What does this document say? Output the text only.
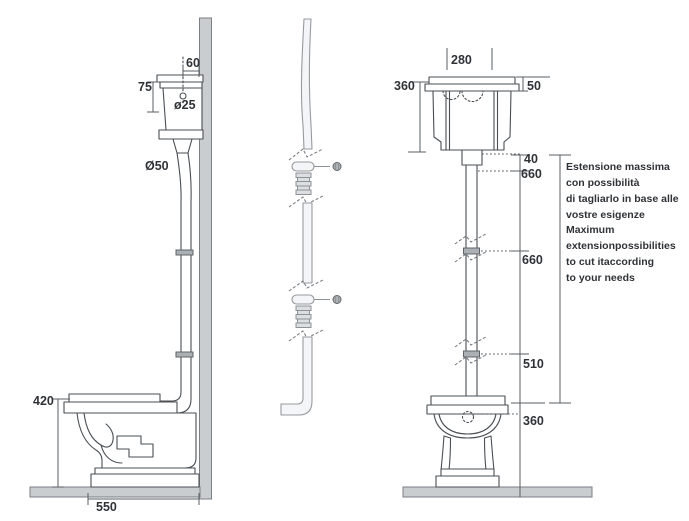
60
75
ø25
Ø50
420
550
280
360	50
40
660
660
510
360
Estensione massima
con possibilità
di tagliarlo in base alle
vostre esigenze
Maximum
extensionpossibilities
to cut itaccording
to your needs
